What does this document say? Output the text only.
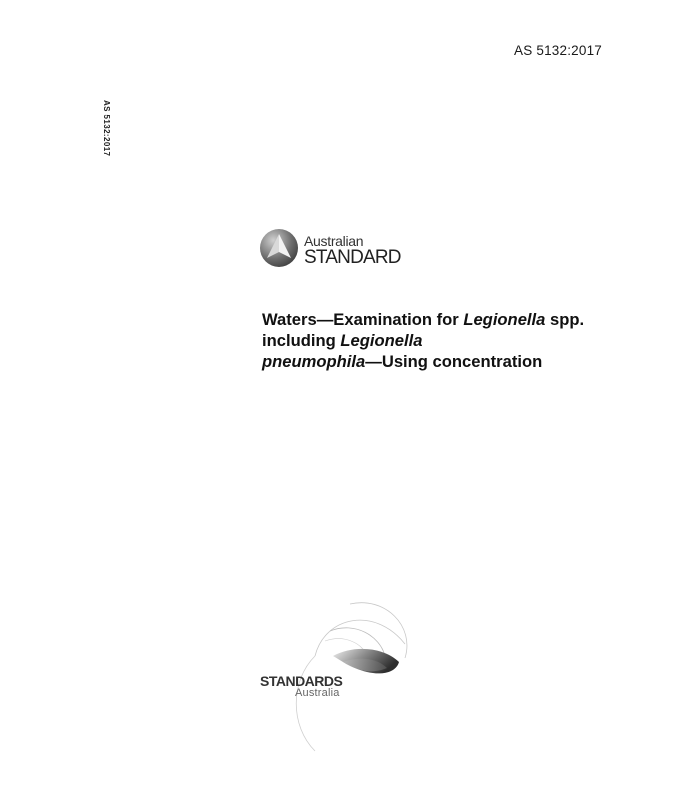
AS 5132:2017
AS 5132:2017
Australian
STANDARD
Waters—Examination for Legionella spp. including Legionella
pneumophila—Using concentration
STANDARDS
Australia
